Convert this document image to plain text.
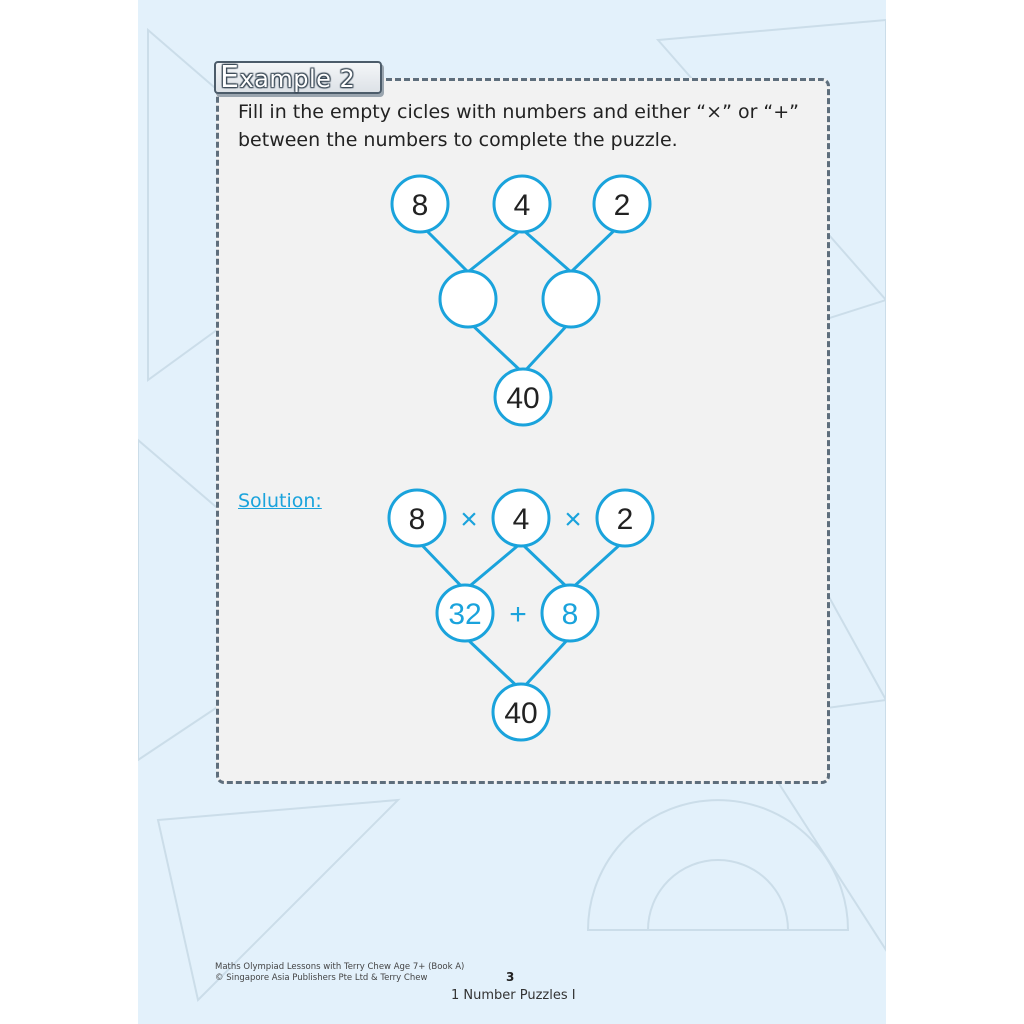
Example 2
Fill in the empty cicles with numbers and either “×” or “+” between the numbers to complete the puzzle.
Solution:
8	4	2
40
8	4	2
×	×
32	8
+
40
Maths Olympiad Lessons with Terry Chew Age 7+ (Book A)
© Singapore Asia Publishers Pte Ltd & Terry Chew	3
1 Number Puzzles I
